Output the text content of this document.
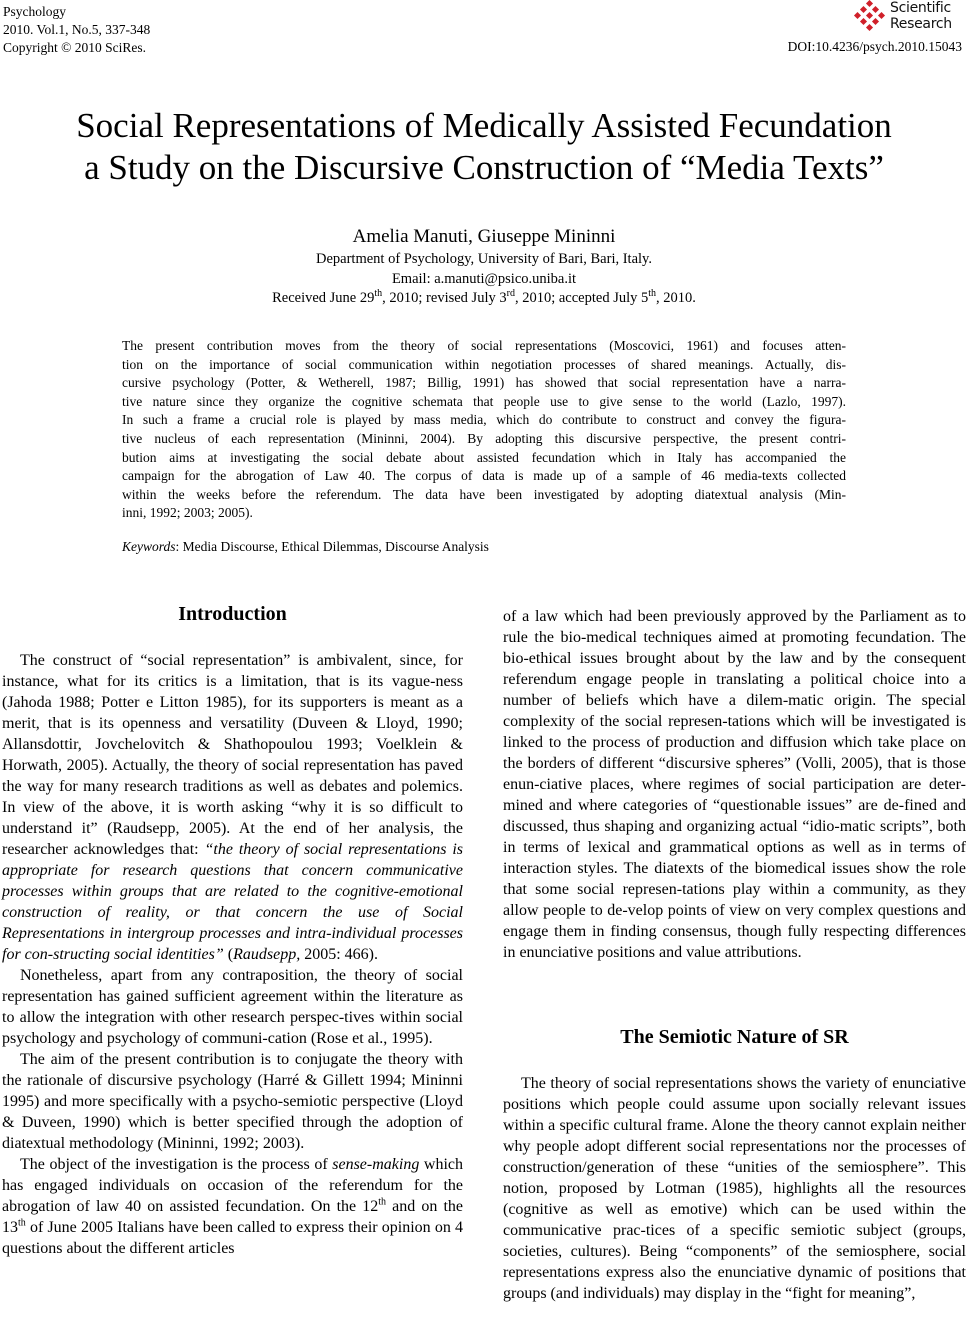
Psychology
2010. Vol.1, No.5, 337-348
Copyright © 2010 SciRes.
Scientific
Research
DOI:10.4236/psych.2010.15043
Social Representations of Medically Assisted Fecundation
a Study on the Discursive Construction of “Media Texts”
Amelia Manuti, Giuseppe Mininni
Department of Psychology, University of Bari, Bari, Italy.
Email: a.manuti@psico.uniba.it
Received June 29th, 2010; revised July 3rd, 2010; accepted July 5th, 2010.
The present contribution moves from the theory of social representations (Moscovici, 1961) and focuses atten-
tion on the importance of social communication within negotiation processes of shared meanings. Actually, dis-
cursive psychology (Potter, & Wetherell, 1987; Billig, 1991) has showed that social representation have a narra-
tive nature since they organize the cognitive schemata that people use to give sense to the world (Lazlo, 1997).
In such a frame a crucial role is played by mass media, which do contribute to construct and convey the figura-
tive nucleus of each representation (Mininni, 2004). By adopting this discursive perspective, the present contri-
bution aims at investigating the social debate about assisted fecundation which in Italy has accompanied the
campaign for the abrogation of Law 40. The corpus of data is made up of a sample of 46 media-texts collected
within the weeks before the referendum. The data have been investigated by adopting diatextual analysis (Min-
inni, 1992; 2003; 2005).
Keywords: Media Discourse, Ethical Dilemmas, Discourse Analysis
Introduction

The construct of “social representation” is ambivalent, since, for instance, what for its critics is a limitation, that is its vague-ness (Jahoda 1988; Potter e Litton 1985), for its supporters is meant as a merit, that is its openness and versatility (Duveen & Lloyd, 1990; Allansdottir, Jovchelovitch & Shathopoulou 1993; Voelklein & Horwath, 2005). Actually, the theory of social representation has paved the way for many research traditions as well as debates and polemics. In view of the above, it is worth asking “why it is so difficult to understand it” (Raudsepp, 2005). At the end of her analysis, the researcher acknowledges that: “the theory of social representations is appropriate for research questions that concern communicative processes within groups that are related to the cognitive-emotional construction of reality, or that concern the use of Social Representations in intergroup processes and intra-individual processes for con-structing social identities” (Raudsepp, 2005: 466).

Nonetheless, apart from any contraposition, the theory of social representation has gained sufficient agreement within the literature as to allow the integration with other research perspec-tives within social psychology and psychology of communi-cation (Rose et al., 1995).

The aim of the present contribution is to conjugate the theory with the rationale of discursive psychology (Harré & Gillett 1994; Mininni 1995) and more specifically with a psycho-semiotic perspective (Lloyd & Duveen, 1990) which is better specified through the adoption of diatextual methodology (Mininni, 1992; 2003).

The object of the investigation is the process of sense-making which has engaged individuals on occasion of the referendum for the abrogation of law 40 on assisted fecundation. On the 12th and on the 13th of June 2005 Italians have been called to express their opinion on 4 questions about the different articles

of a law which had been previously approved by the Parliament as to rule the bio-medical techniques aimed at promoting fecundation. The bio-ethical issues brought about by the law and by the consequent referendum engage people in translating a political choice into a number of beliefs which have a dilem-matic origin. The special complexity of the social represen-tations which will be investigated is linked to the process of production and diffusion which take place on the borders of different “discursive spheres” (Volli, 2005), that is those enun-ciative places, where regimes of social participation are deter-mined and where categories of “questionable issues” are de-fined and discussed, thus shaping and organizing actual “idio-matic scripts”, both in terms of lexical and grammatical options as well as in terms of interaction styles. The diatexts of the biomedical issues show the role that some social represen-tations play within a community, as they allow people to de-velop points of view on very complex questions and engage them in finding consensus, though fully respecting differences in enunciative positions and value attributions.

The Semiotic Nature of SR

The theory of social representations shows the variety of enunciative positions which people could assume upon socially relevant issues within a specific cultural frame. Alone the theory cannot explain neither why people adopt different social representations nor the processes of construction/generation of these “unities of the semiosphere”. This notion, proposed by Lotman (1985), highlights all the resources (cognitive as well as emotive) which can be used within the communicative prac-tices of a specific semiotic subject (groups, societies, cultures). Being “components” of the semiosphere, social representations express also the enunciative dynamic of positions that groups (and individuals) may display in the “fight for meaning”,
